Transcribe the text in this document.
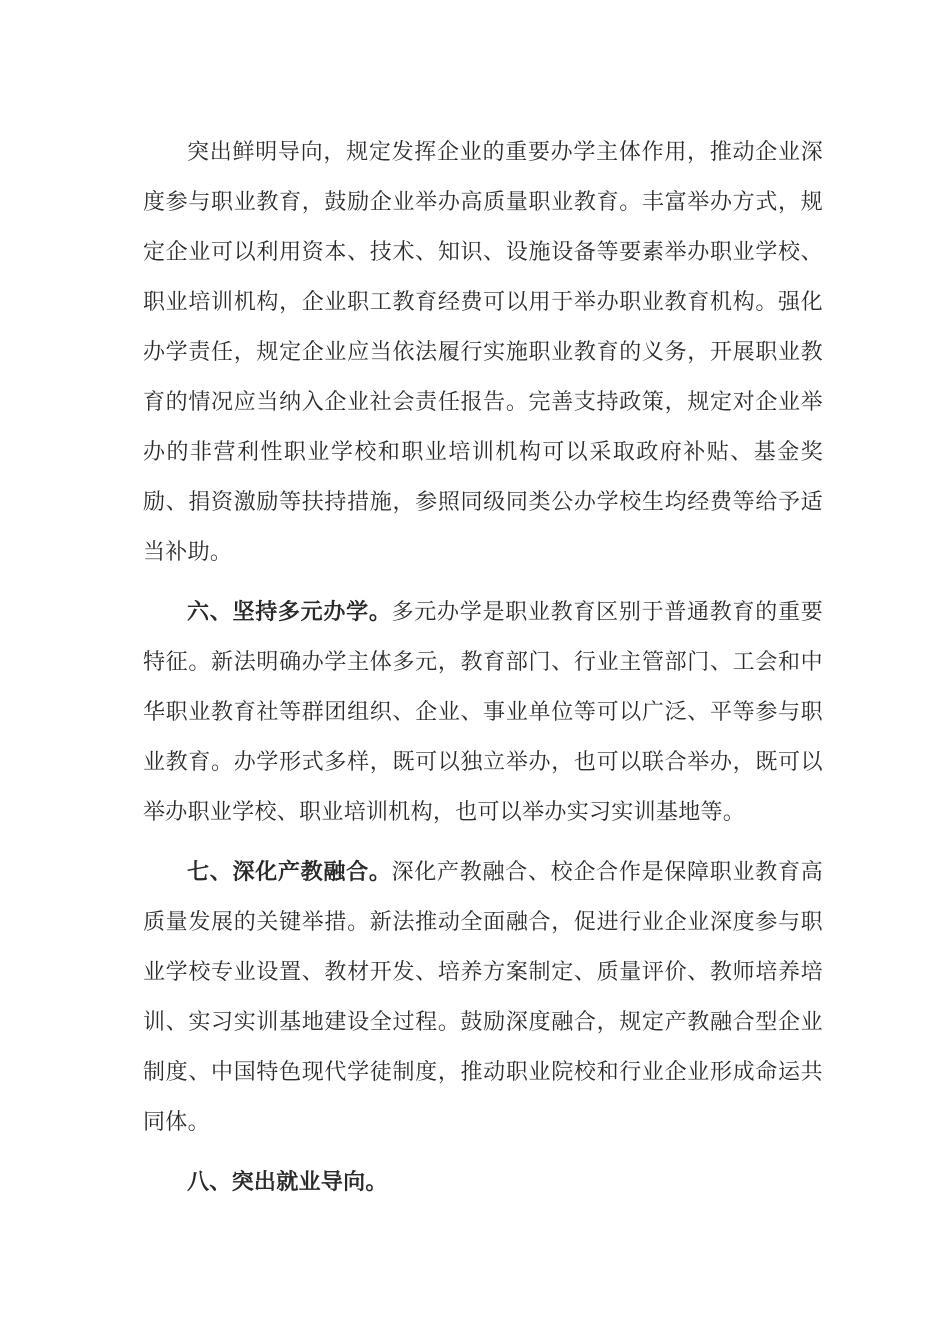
突出鲜明导向，规定发挥企业的重要办学主体作用，推动企业深度参与职业教育，鼓励企业举办高质量职业教育。丰富举办方式，规定企业可以利用资本、技术、知识、设施设备等要素举办职业学校、职业培训机构，企业职工教育经费可以用于举办职业教育机构。强化办学责任，规定企业应当依法履行实施职业教育的义务，开展职业教育的情况应当纳入企业社会责任报告。完善支持政策，规定对企业举办的非营利性职业学校和职业培训机构可以采取政府补贴、基金奖励、捐资激励等扶持措施，参照同级同类公办学校生均经费等给予适当补助。

六、坚持多元办学。多元办学是职业教育区别于普通教育的重要特征。新法明确办学主体多元，教育部门、行业主管部门、工会和中华职业教育社等群团组织、企业、事业单位等可以广泛、平等参与职业教育。办学形式多样，既可以独立举办，也可以联合举办，既可以举办职业学校、职业培训机构，也可以举办实习实训基地等。

七、深化产教融合。深化产教融合、校企合作是保障职业教育高质量发展的关键举措。新法推动全面融合，促进行业企业深度参与职业学校专业设置、教材开发、培养方案制定、质量评价、教师培养培训、实习实训基地建设全过程。鼓励深度融合，规定产教融合型企业制度、中国特色现代学徒制度，推动职业院校和行业企业形成命运共同体。

八、突出就业导向。
